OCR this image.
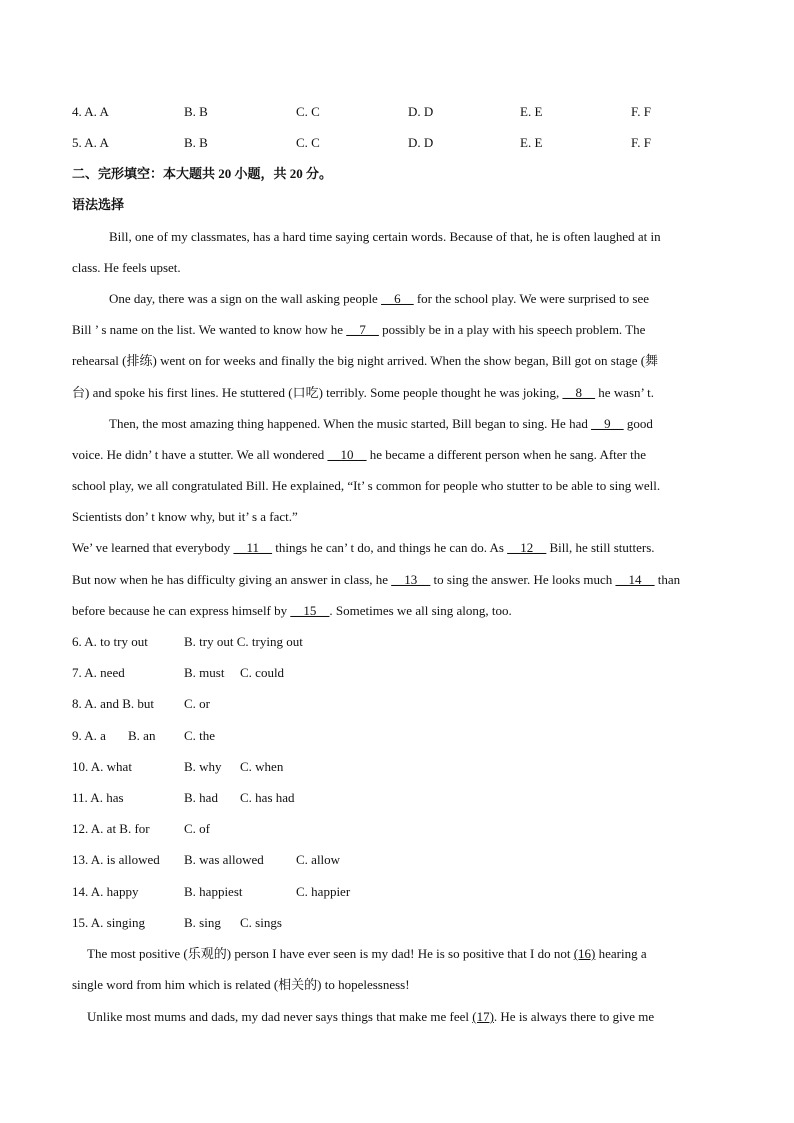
4. A. A	B. B	C. C	D. D	E. E	F. F
5. A. A	B. B	C. C	D. D	E. E	F. F
二、完形填空：本大题共 20 小题，共 20 分。
语法选择
Bill, one of my classmates, has a hard time saying certain words. Because of that, he is often laughed at in
class. He feels upset.
One day, there was a sign on the wall asking people __6__ for the school play. We were surprised to see
Bill ’ s name on the list. We wanted to know how he __7__ possibly be in a play with his speech problem. The
rehearsal (排练) went on for weeks and finally the big night arrived. When the show began, Bill got on stage (舞
台) and spoke his first lines. He stuttered (口吃) terribly. Some people thought he was joking, __8__ he wasn’ t.
Then, the most amazing thing happened. When the music started, Bill began to sing. He had __9__ good
voice. He didn’ t have a stutter. We all wondered __10__ he became a different person when he sang. After the
school play, we all congratulated Bill. He explained, “It’ s common for people who stutter to be able to sing well.
Scientists don’ t know why, but it’ s a fact.”
We’ ve learned that everybody __11__ things he can’ t do, and things he can do. As __12__ Bill, he still stutters.
But now when he has difficulty giving an answer in class, he __13__ to sing the answer. He looks much __14__ than
before because he can express himself by __15__. Sometimes we all sing along, too.
6. A. to try out	B. try out C. trying out
7. A. need	B. must C. could
8. A. and B. but C. or
9. A. a B. an C. the
10. A. what	B. why C. when
11. A. has	B. had C. has had
12. A. at B. for	C. of
13. A. is allowed B. was allowed C. allow
14. A. happy	B. happiest	C. happier
15. A. singing	B. sing C. sings
The most positive (乐观的) person I have ever seen is my dad! He is so positive that I do not (16) hearing a
single word from him which is related (相关的) to hopelessness!
Unlike most mums and dads, my dad never says things that make me feel (17). He is always there to give me
